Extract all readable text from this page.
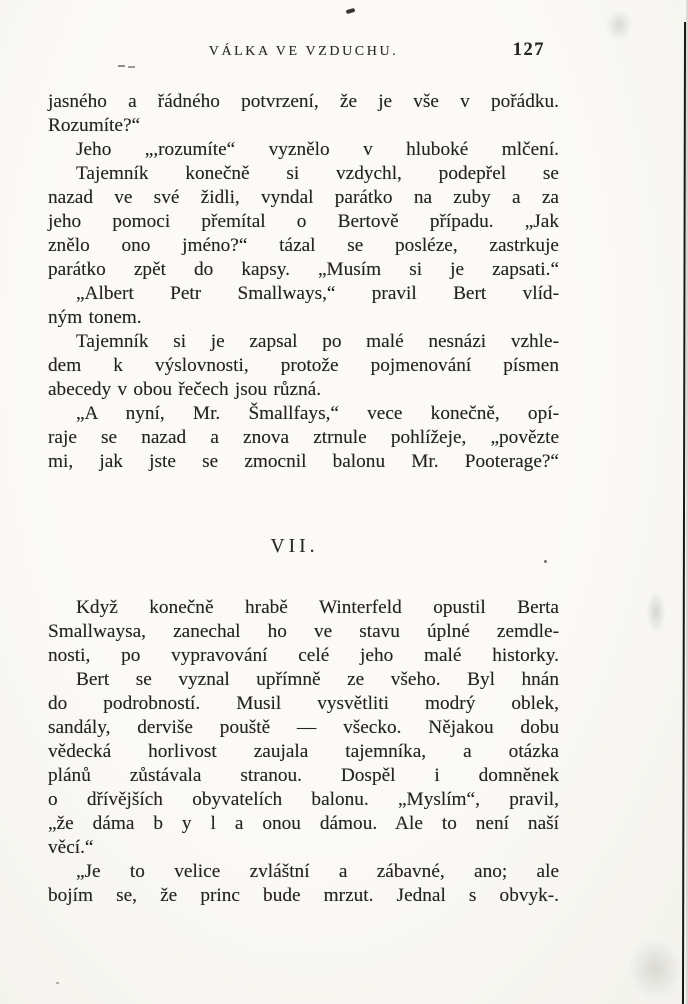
VÁLKA VE VZDUCHU.	127
jasného a řádného potvrzení, že je vše v pořádku.
Rozumíte?“
Jeho „,rozumíte“ vyznělo v hluboké mlčení.
Tajemník konečně si vzdychl, podepřel se
nazad ve své židli, vyndal parátko na zuby a za
jeho pomoci přemítal o Bertově případu. „Jak
znělo ono jméno?“ tázal se posléze, zastrkuje
parátko zpět do kapsy. „Musím si je zapsati.“
„Albert Petr Smallways,“ pravil Bert vlíd-
ným tonem.
Tajemník si je zapsal po malé nesnázi vzhle-
dem k výslovnosti, protože pojmenování písmen
abecedy v obou řečech jsou různá.
„A nyní, Mr. Šmallfays,“ vece konečně, opí-
raje se nazad a znova ztrnule pohlížeje, „povězte
mi, jak jste se zmocnil balonu Mr. Pooterage?“
VII.
Když konečně hrabě Winterfeld opustil Berta
Smallwaysa, zanechal ho ve stavu úplné zemdle-
nosti, po vypravování celé jeho malé historky.
Bert se vyznal upřímně ze všeho. Byl hnán
do podrobností. Musil vysvětliti modrý oblek,
sandály, derviše pouště — všecko. Nějakou dobu
vědecká horlivost zaujala tajemníka, a otázka
plánů zůstávala stranou. Dospěl i domněnek
o dřívějších obyvatelích balonu. „Myslím“, pravil,
„že dáma b y l a onou dámou. Ale to není naší
věcí.“
„Je to velice zvláštní a zábavné, ano; ale
bojím se, že princ bude mrzut. Jednal s obvyk-.
